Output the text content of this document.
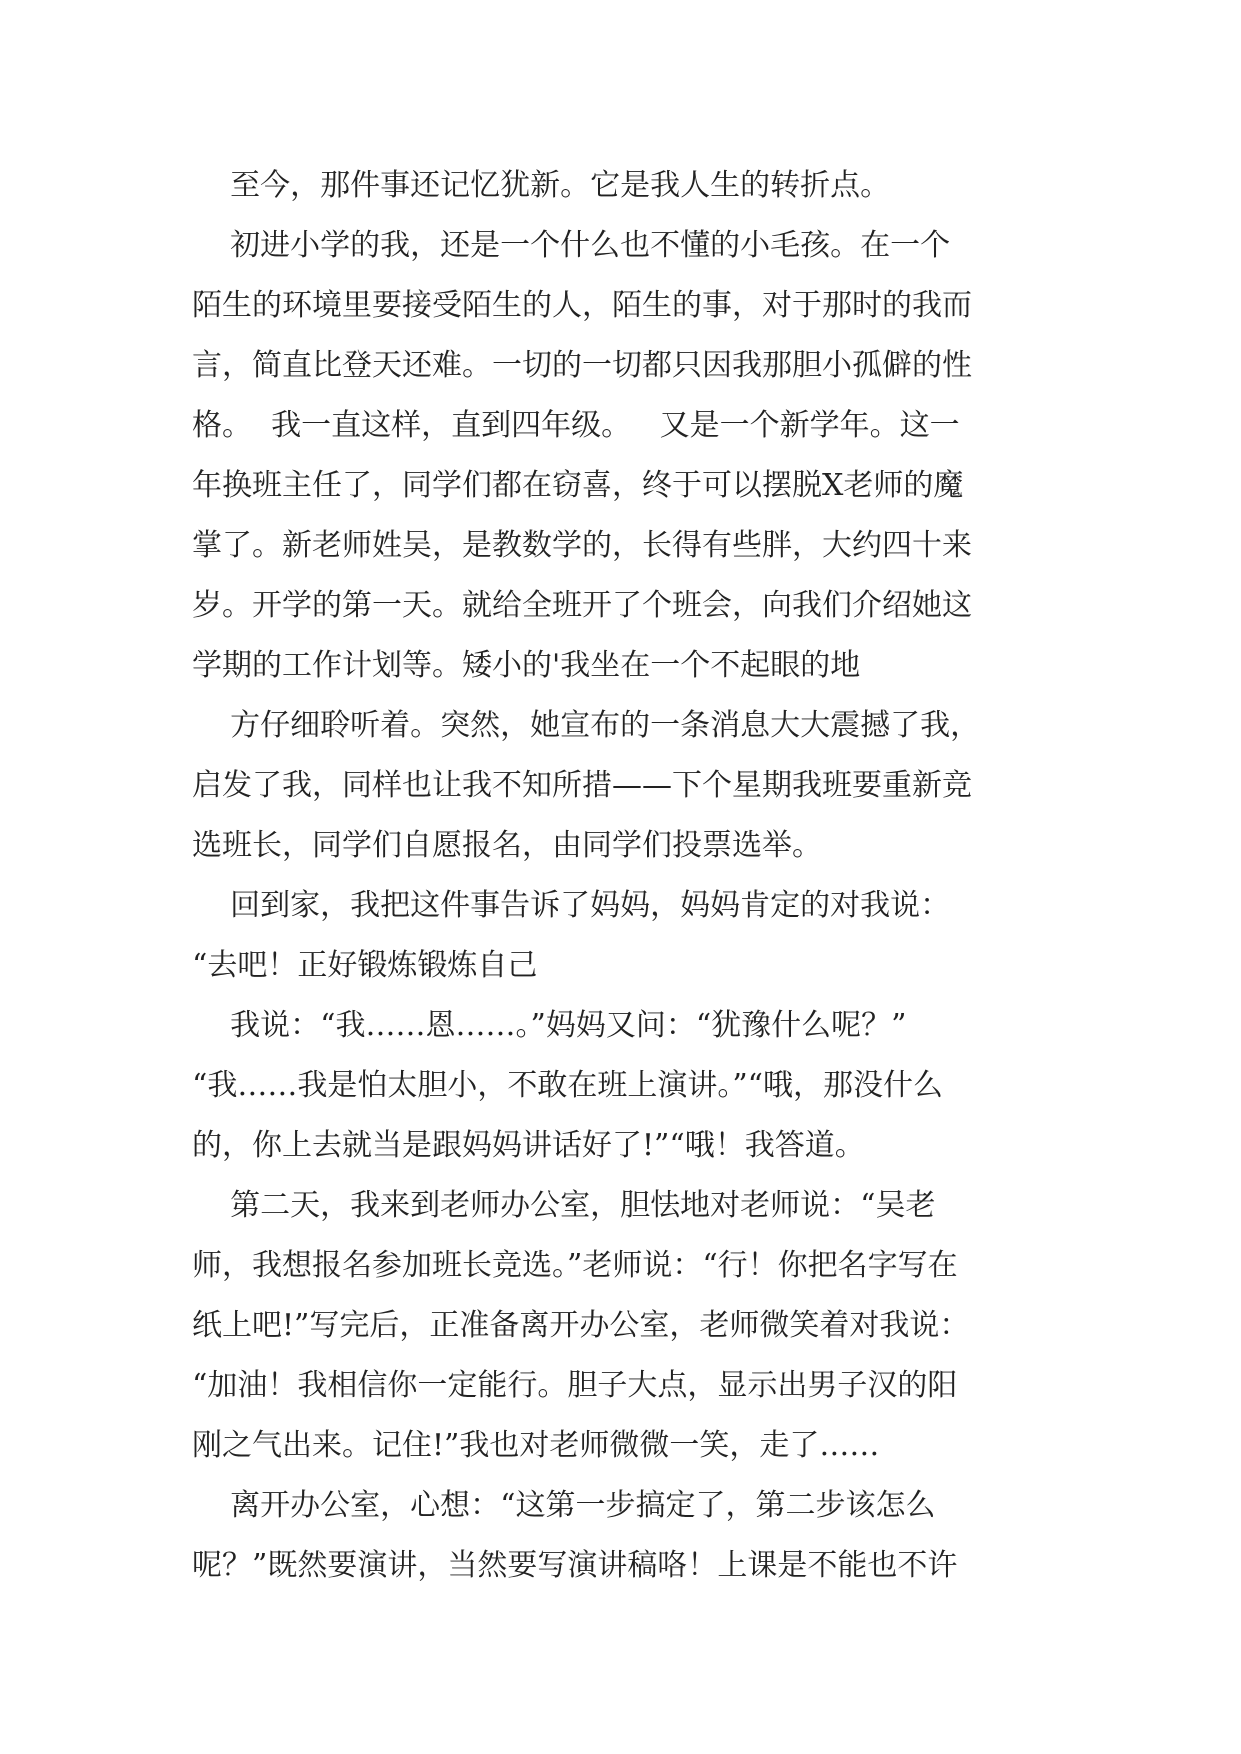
至今，那件事还记忆犹新。它是我人生的转折点。
初进小学的我，还是一个什么也不懂的小毛孩。在一个
陌生的环境里要接受陌生的人，陌生的事，对于那时的我而
言，简直比登天还难。一切的一切都只因我那胆小孤僻的性
格。  我一直这样，直到四年级。   又是一个新学年。这一
年换班主任了，同学们都在窃喜，终于可以摆脱X老师的魔
掌了。新老师姓吴，是教数学的，长得有些胖，大约四十来
岁。开学的第一天。就给全班开了个班会，向我们介绍她这
学期的工作计划等。矮小的'我坐在一个不起眼的地
方仔细聆听着。突然，她宣布的一条消息大大震撼了我，
启发了我，同样也让我不知所措——下个星期我班要重新竞
选班长，同学们自愿报名，由同学们投票选举。
回到家，我把这件事告诉了妈妈，妈妈肯定的对我说：
“去吧！正好锻炼锻炼自己
我说：“我……恩……。”妈妈又问：“犹豫什么呢？”
“我……我是怕太胆小，不敢在班上演讲。”“哦，那没什么
的，你上去就当是跟妈妈讲话好了!”“哦！我答道。
第二天，我来到老师办公室，胆怯地对老师说：“吴老
师，我想报名参加班长竞选。”老师说：“行！你把名字写在
纸上吧!”写完后，正准备离开办公室，老师微笑着对我说：
“加油！我相信你一定能行。胆子大点，显示出男子汉的阳
刚之气出来。记住!”我也对老师微微一笑，走了……
离开办公室，心想：“这第一步搞定了，第二步该怎么
呢？”既然要演讲，当然要写演讲稿咯！上课是不能也不许
